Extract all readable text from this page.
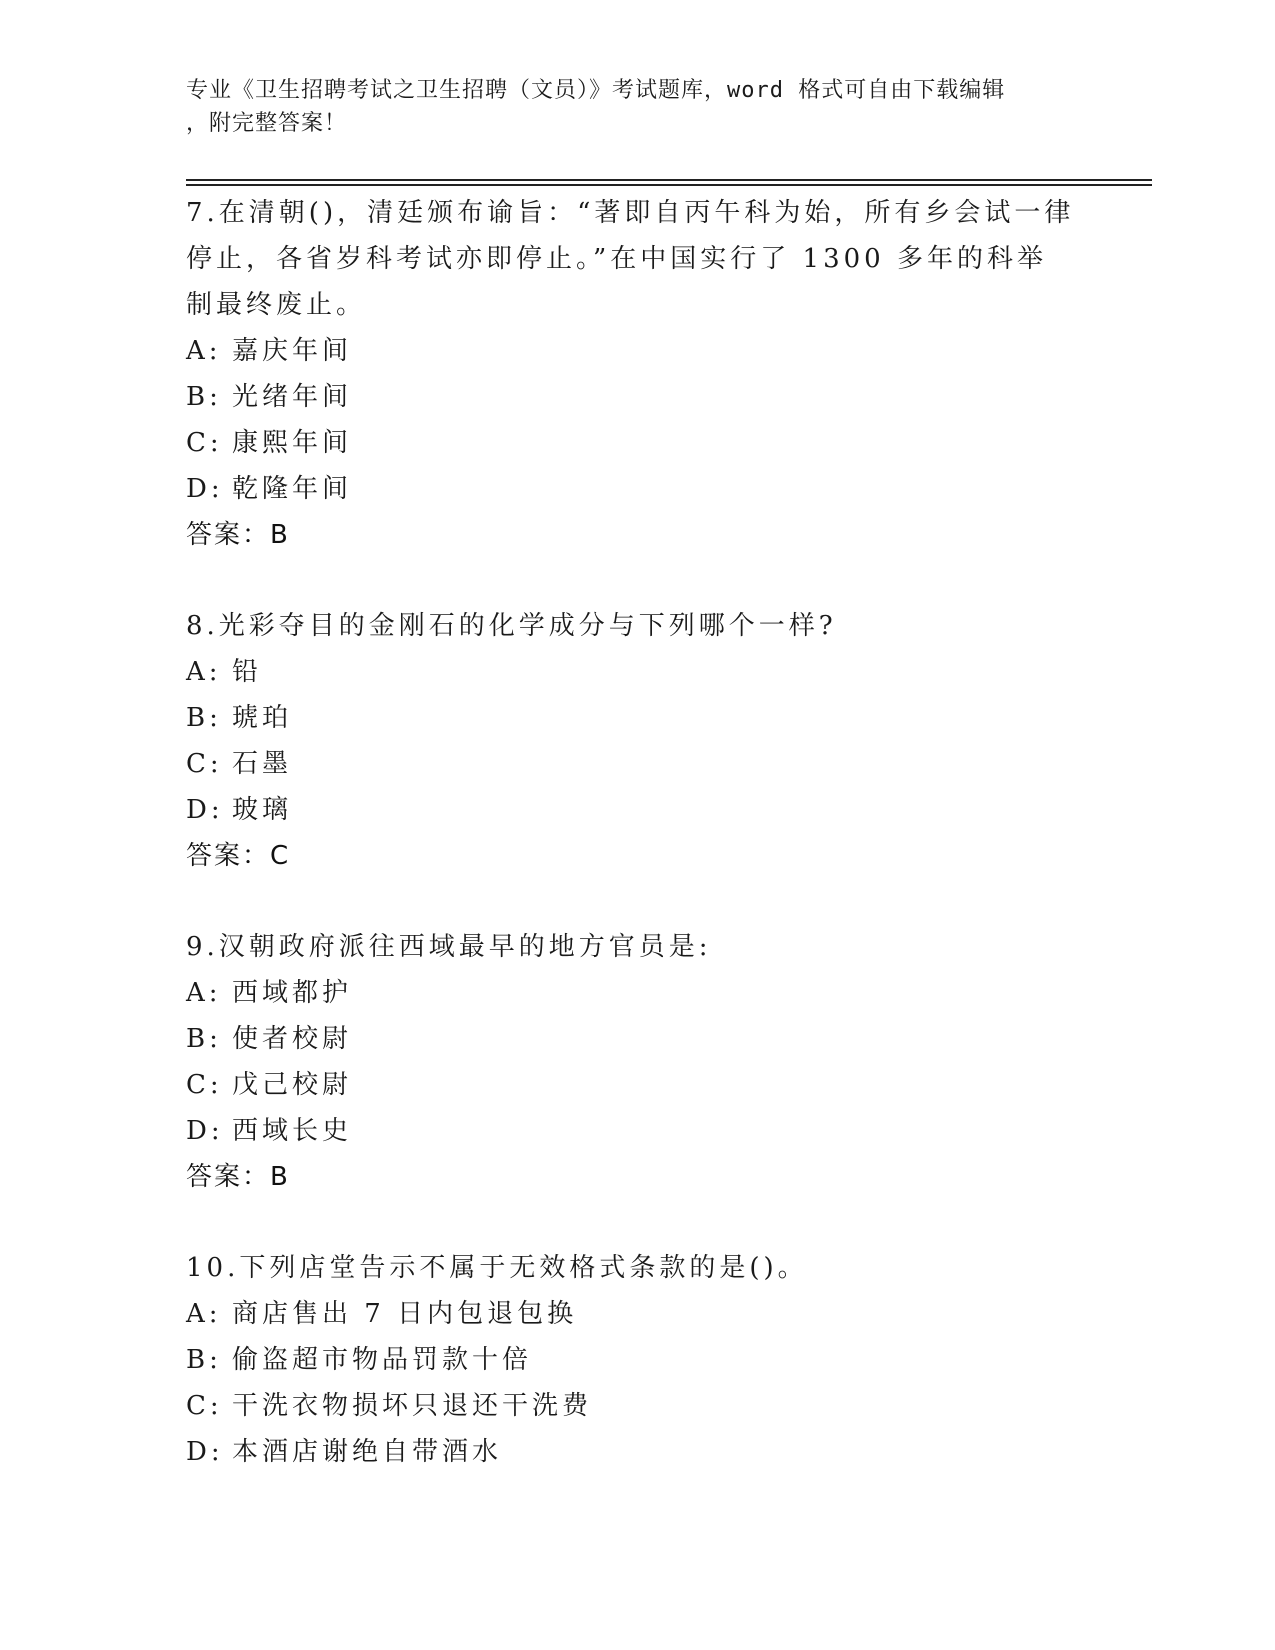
专业《卫生招聘考试之卫生招聘（文员）》考试题库，word 格式可自由下载编辑
，附完整答案！
7.在清朝()，清廷颁布谕旨：“著即自丙午科为始，所有乡会试一律停止，各省岁科考试亦即停止。”在中国实行了 1300 多年的科举制最终废止。
A: 嘉庆年间
B: 光绪年间
C: 康熙年间
D: 乾隆年间
答案：B
8.光彩夺目的金刚石的化学成分与下列哪个一样?
A: 铅
B: 琥珀
C: 石墨
D: 玻璃
答案：C
9.汉朝政府派往西域最早的地方官员是:
A: 西域都护
B: 使者校尉
C: 戊己校尉
D: 西域长史
答案：B
10.下列店堂告示不属于无效格式条款的是()。
A: 商店售出 7 日内包退包换
B: 偷盗超市物品罚款十倍
C: 干洗衣物损坏只退还干洗费
D: 本酒店谢绝自带酒水
